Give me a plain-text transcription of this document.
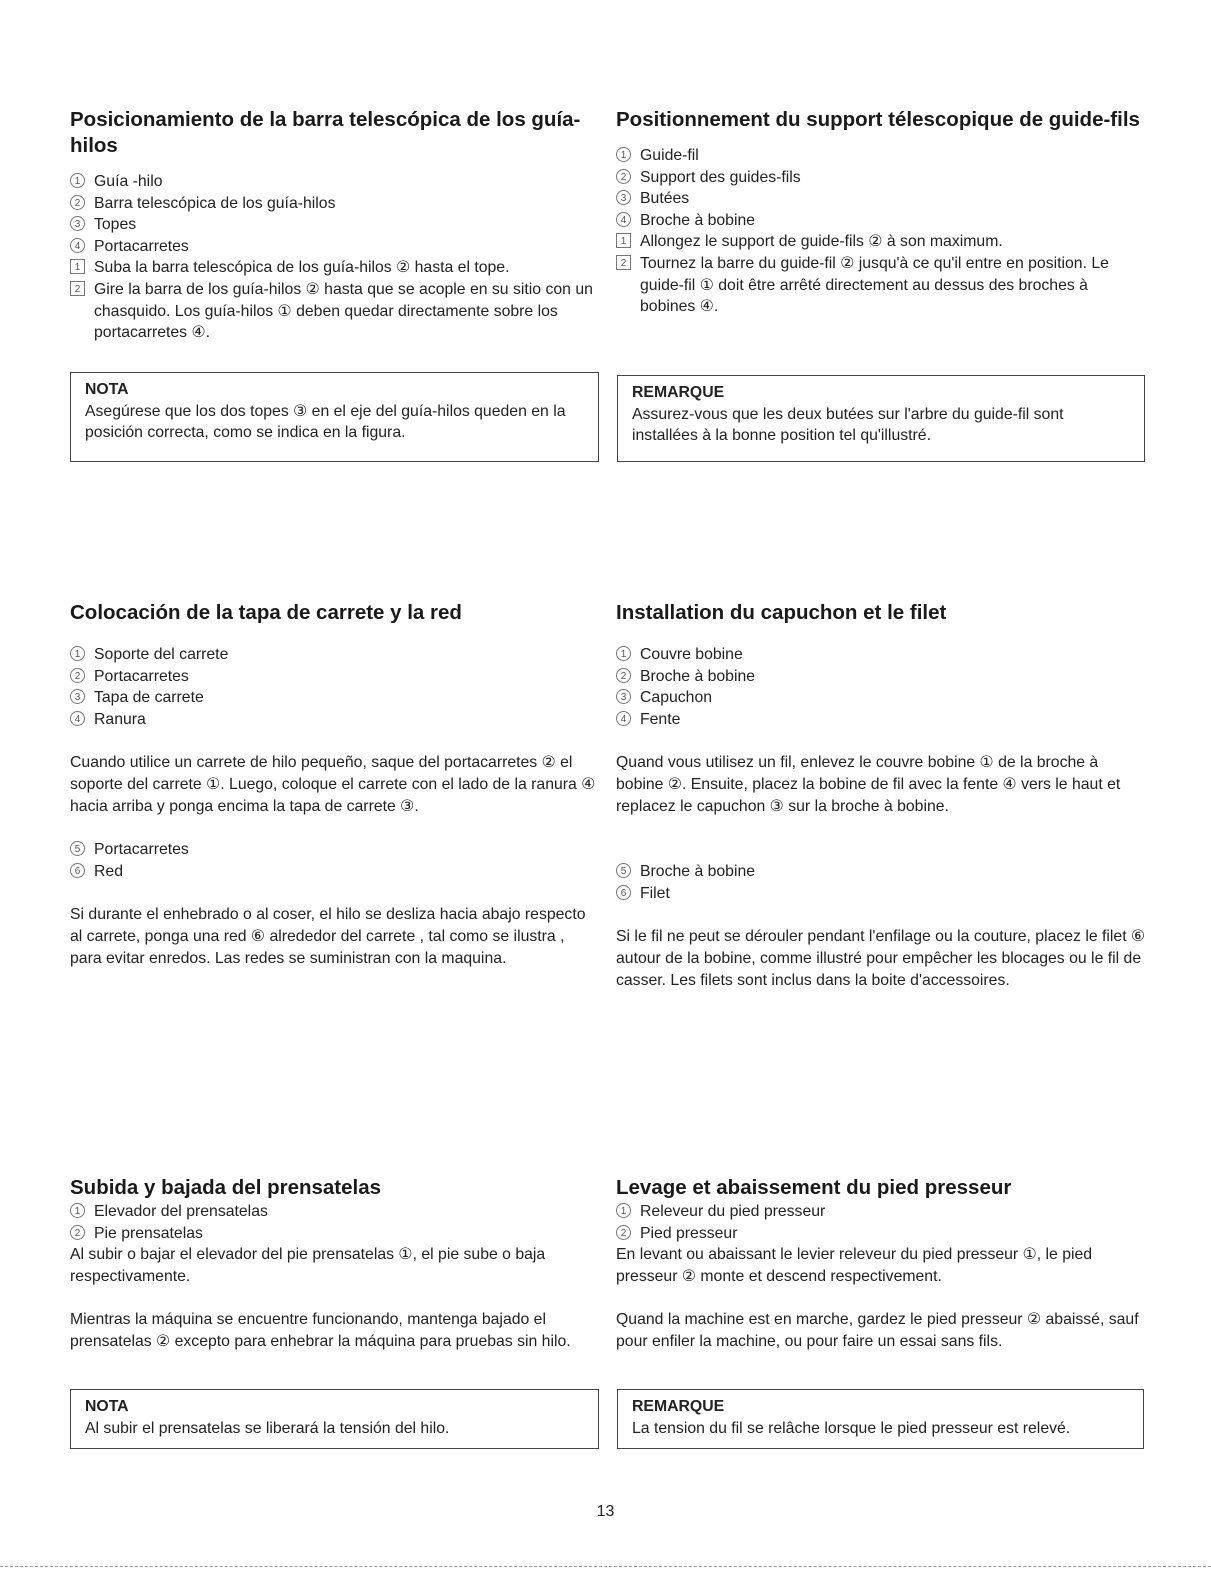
Posicionamiento de la barra telescópica de los guía-hilos
1 Guía -hilo
2 Barra telescópica de los guía-hilos
3 Topes
4 Portacarretes
1 Suba la barra telescópica de los guía-hilos ② hasta el tope.
2 Gire la barra de los guía-hilos ② hasta que se acople en su sitio con un chasquido. Los guía-hilos ① deben quedar directamente sobre los portacarretes ④.
NOTA
Asegúrese que los dos topes ③ en el eje del guía-hilos queden en la posición correcta, como se indica en la figura.
Positionnement du support télescopique de guide-fils
1 Guide-fil
2 Support des guides-fils
3 Butées
4 Broche à bobine
1 Allongez le support de guide-fils ② à son maximum.
2 Tournez la barre du guide-fil ② jusqu'à ce qu'il entre en position. Le guide-fil ① doit être arrêté directement au dessus des broches à bobines ④.
REMARQUE
Assurez-vous que les deux butées sur l'arbre du guide-fil sont installées à la bonne position tel qu'illustré.
Colocación de la tapa de carrete y la red
1 Soporte del carrete
2 Portacarretes
3 Tapa de carrete
4 Ranura

Cuando utilice un carrete de hilo pequeño, saque del portacarretes ② el soporte del carrete ①. Luego, coloque el carrete con el lado de la ranura ④ hacia arriba y ponga encima la tapa de carrete ③.

5 Portacarretes
6 Red

Si durante el enhebrado o al coser, el hilo se desliza hacia abajo respecto al carrete, ponga una red ⑥ alrededor del carrete , tal como se ilustra , para evitar enredos. Las redes se suministran con la maquina.

Installation du capuchon et le filet
1 Couvre bobine
2 Broche à bobine
3 Capuchon
4 Fente

Quand vous utilisez un fil, enlevez le couvre bobine ① de la broche à bobine ②. Ensuite, placez la bobine de fil avec la fente ④ vers le haut et replacez le capuchon ③ sur la broche à bobine.

5 Broche à bobine
6 Filet

Si le fil ne peut se dérouler pendant l'enfilage ou la couture, placez le filet ⑥ autour de la bobine, comme illustré pour empêcher les blocages ou le fil de casser. Les filets sont inclus dans la boite d'accessoires.

Subida y bajada del prensatelas
1 Elevador del prensatelas
2 Pie prensatelas

Al subir o bajar el elevador del pie prensatelas ①, el pie sube o baja respectivamente.

Mientras la máquina se encuentre funcionando, mantenga bajado el prensatelas ② excepto para enhebrar la máquina para pruebas sin hilo.

NOTA
Al subir el prensatelas se liberará la tensión del hilo.
Levage et abaissement du pied presseur
1 Releveur du pied presseur
2 Pied presseur

En levant ou abaissant le levier releveur du pied presseur ①, le pied presseur ② monte et descend respectivement.

Quand la machine est en marche, gardez le pied presseur ② abaissé, sauf pour enfiler la machine, ou pour faire un essai sans fils.

REMARQUE
La tension du fil se relâche lorsque le pied presseur est relevé.
13
